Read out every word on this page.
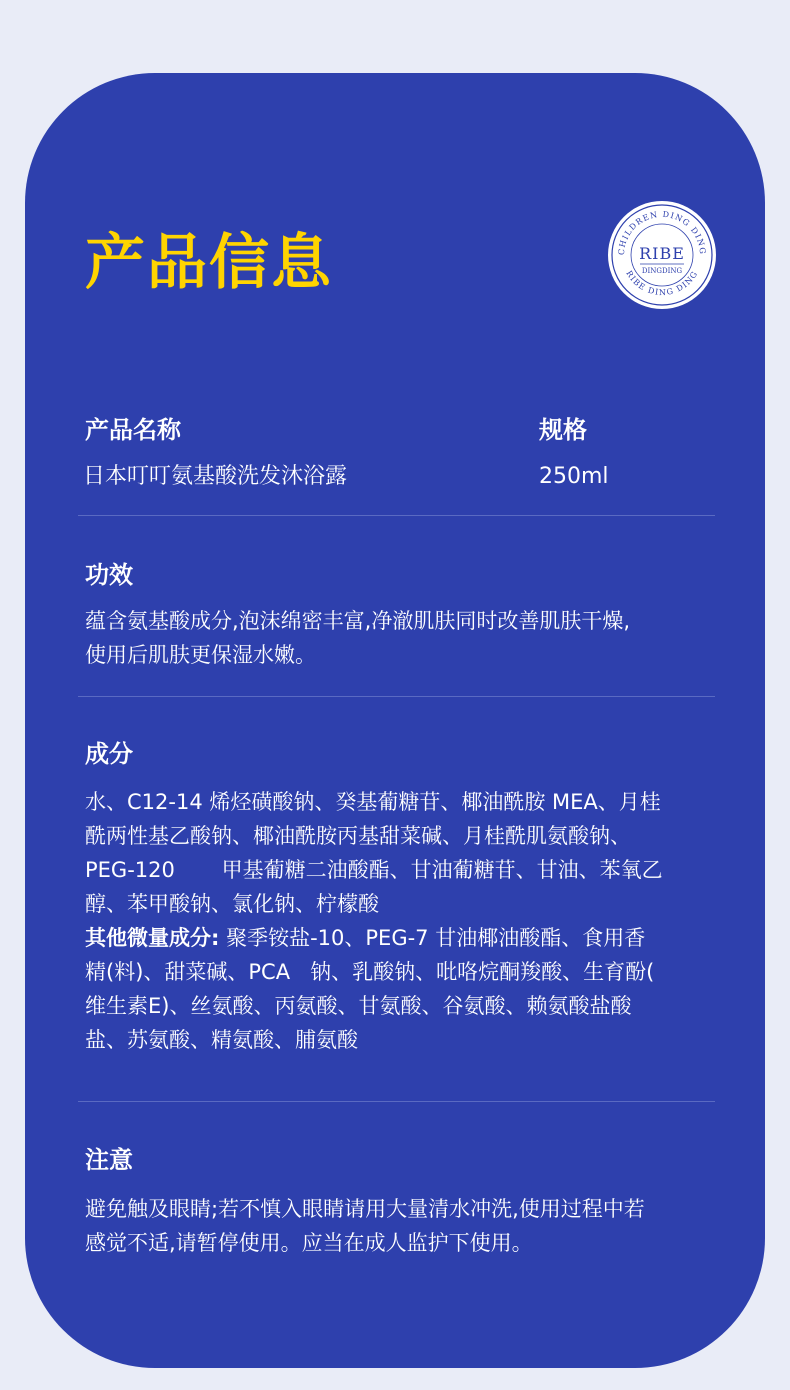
产品信息	CHILDREN DING DING
RIBE DING DING
RIBE
DINGDING

产品名称	规格

日本叮叮氨基酸洗发沐浴露	250ml

功效

蕴含氨基酸成分,泡沫绵密丰富,净澈肌肤同时改善肌肤干燥,
使用后肌肤更保湿水嫩。

成分

水、C12-14 烯烃磺酸钠、癸基葡糖苷、椰油酰胺 MEA、月桂
酰两性基乙酸钠、椰油酰胺丙基甜菜碱、月桂酰肌氨酸钠、
PEG-120       甲基葡糖二油酸酯、甘油葡糖苷、甘油、苯氧乙
醇、苯甲酸钠、氯化钠、柠檬酸
其他微量成分: 聚季铵盐-10、PEG-7 甘油椰油酸酯、食用香
精(料)、甜菜碱、PCA   钠、乳酸钠、吡咯烷酮羧酸、生育酚(
维生素E)、丝氨酸、丙氨酸、甘氨酸、谷氨酸、赖氨酸盐酸
盐、苏氨酸、精氨酸、脯氨酸

注意

避免触及眼睛;若不慎入眼睛请用大量清水冲洗,使用过程中若
感觉不适,请暂停使用。应当在成人监护下使用。
